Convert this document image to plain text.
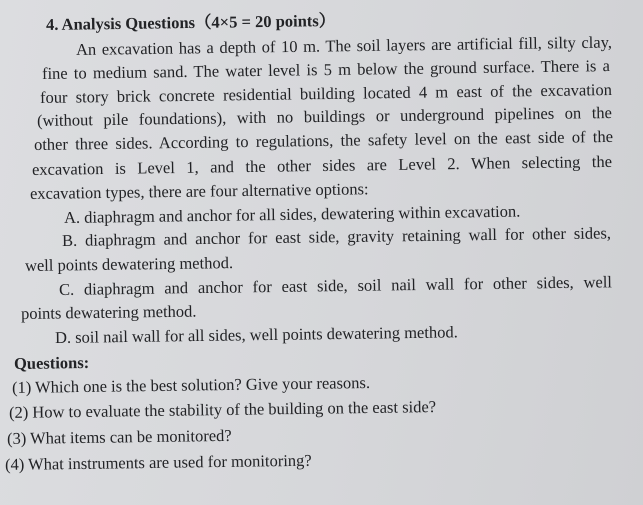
4. Analysis Questions（4×5 = 20 points）
An excavation has a depth of 10 m. The soil layers are artificial fill, silty clay,
fine to medium sand. The water level is 5 m below the ground surface. There is a
four story brick concrete residential building located 4 m east of the excavation
(without pile foundations), with no buildings or underground pipelines on the
other three sides. According to regulations, the safety level on the east side of the
excavation is Level 1, and the other sides are Level 2. When selecting the
excavation types, there are four alternative options:
A. diaphragm and anchor for all sides, dewatering within excavation.
B. diaphragm and anchor for east side, gravity retaining wall for other sides,
well points dewatering method.
C. diaphragm and anchor for east side, soil nail wall for other sides, well
points dewatering method.
D. soil nail wall for all sides, well points dewatering method.
Questions:
(1) Which one is the best solution? Give your reasons.
(2) How to evaluate the stability of the building on the east side?
(3) What items can be monitored?
(4) What instruments are used for monitoring?
